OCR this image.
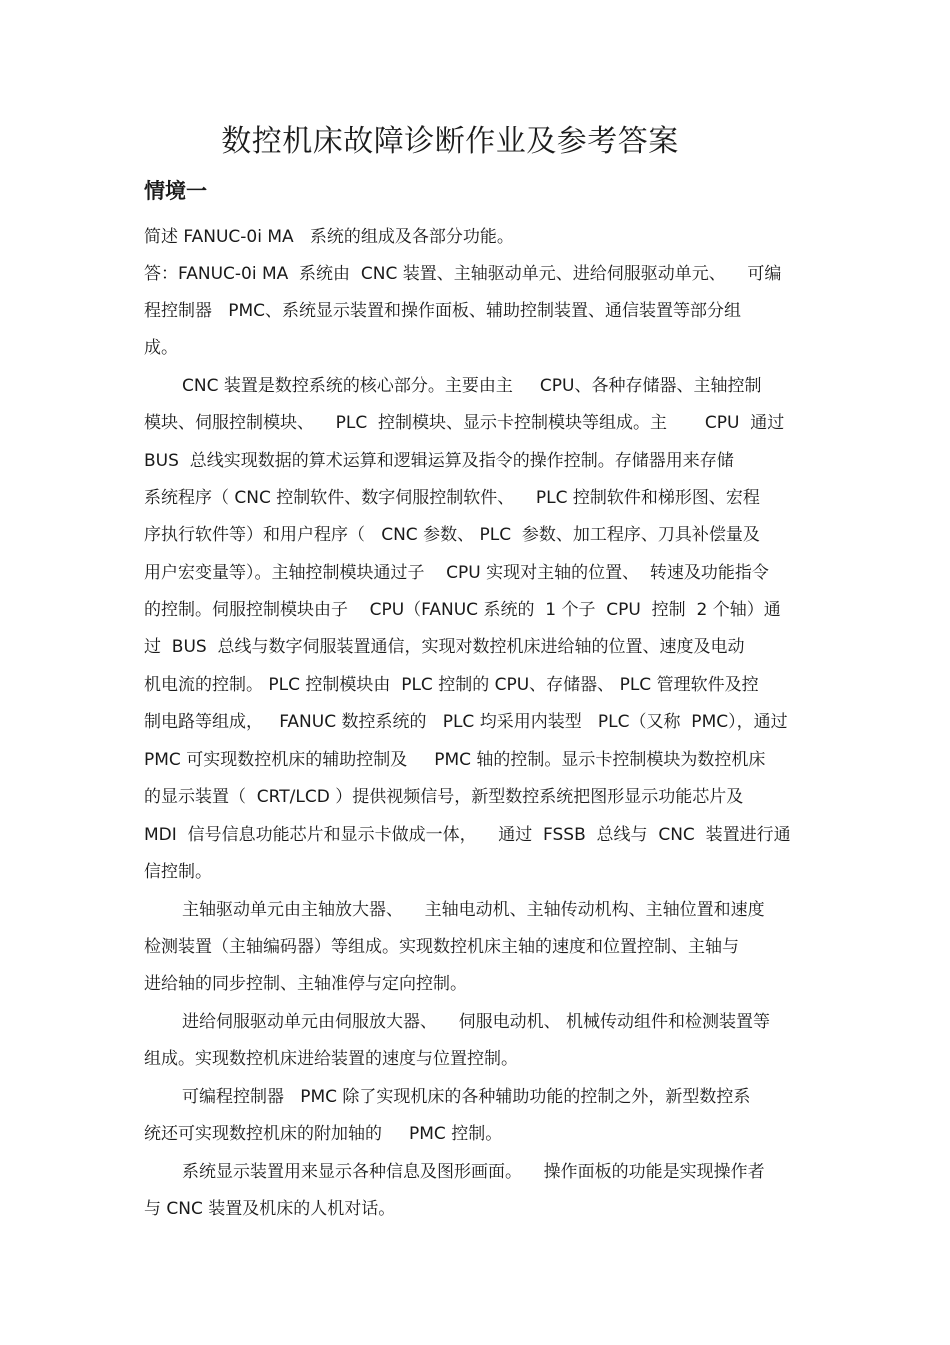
数控机床故障诊断作业及参考答案
情境一

简述 FANUC-0i MA   系统的组成及各部分功能。

答：FANUC-0i MA  系统由  CNC 装置、主轴驱动单元、进给伺服驱动单元、    可编

程控制器   PMC、系统显示装置和操作面板、辅助控制装置、通信装置等部分组

成。

CNC 装置是数控系统的核心部分。主要由主     CPU、各种存储器、主轴控制

模块、伺服控制模块、    PLC  控制模块、显示卡控制模块等组成。主       CPU  通过

BUS  总线实现数据的算术运算和逻辑运算及指令的操作控制。存储器用来存储

系统程序（ CNC 控制软件、数字伺服控制软件、    PLC 控制软件和梯形图、宏程

序执行软件等）和用户程序（   CNC 参数、 PLC  参数、加工程序、刀具补偿量及

用户宏变量等）。主轴控制模块通过子    CPU 实现对主轴的位置、  转速及功能指令

的控制。伺服控制模块由子    CPU（FANUC 系统的  1 个子  CPU  控制  2 个轴）通

过  BUS  总线与数字伺服装置通信，实现对数控机床进给轴的位置、速度及电动

机电流的控制。 PLC 控制模块由  PLC 控制的 CPU、存储器、 PLC 管理软件及控

制电路等组成，   FANUC 数控系统的   PLC 均采用内装型   PLC（又称  PMC），通过

PMC 可实现数控机床的辅助控制及     PMC 轴的控制。显示卡控制模块为数控机床

的显示装置（  CRT/LCD ）提供视频信号，新型数控系统把图形显示功能芯片及

MDI  信号信息功能芯片和显示卡做成一体，    通过  FSSB  总线与  CNC  装置进行通

信控制。

主轴驱动单元由主轴放大器、    主轴电动机、主轴传动机构、主轴位置和速度

检测装置（主轴编码器）等组成。实现数控机床主轴的速度和位置控制、主轴与

进给轴的同步控制、主轴准停与定向控制。

进给伺服驱动单元由伺服放大器、    伺服电动机、 机械传动组件和检测装置等

组成。实现数控机床进给装置的速度与位置控制。

可编程控制器   PMC 除了实现机床的各种辅助功能的控制之外，新型数控系

统还可实现数控机床的附加轴的     PMC 控制。

系统显示装置用来显示各种信息及图形画面。    操作面板的功能是实现操作者

与 CNC 装置及机床的人机对话。
